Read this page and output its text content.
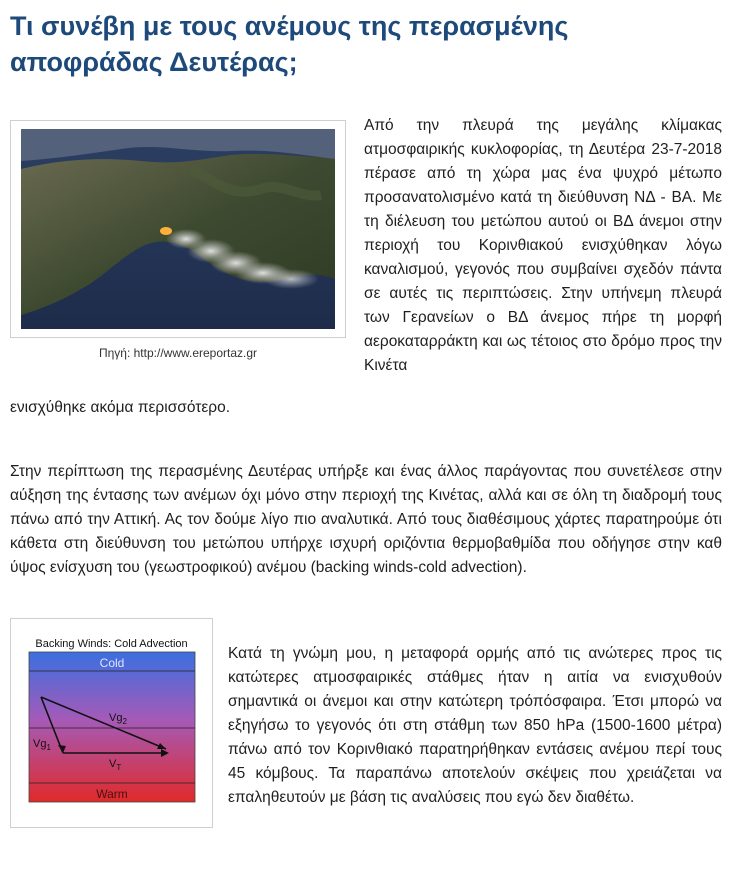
Τι συνέβη με τους ανέμους της περασμένης αποφράδας Δευτέρας;
Πηγή: http://www.ereportaz.gr

Από την πλευρά της μεγάλης κλίμακας ατμοσφαιρικής κυκλοφορίας, τη Δευτέρα 23-7-2018 πέρασε από τη χώρα μας ένα ψυχρό μέτωπο προσανατολισμένο κατά τη διεύθυνση ΝΔ - ΒΑ. Με τη διέλευση του μετώπου αυτού οι ΒΔ άνεμοι στην περιοχή του Κορινθιακού ενισχύθηκαν λόγω καναλισμού, γεγονός που συμβαίνει σχεδόν πάντα σε αυτές τις περιπτώσεις. Στην υπήνεμη πλευρά των Γερανείων ο ΒΔ άνεμος πήρε τη μορφή αεροκαταρράκτη και ως τέτοιος στο δρόμο προς την Κινέτα

ενισχύθηκε ακόμα περισσότερο.

Στην περίπτωση της περασμένης Δευτέρας υπήρξε και ένας άλλος παράγοντας που συνετέλεσε στην αύξηση της έντασης των ανέμων όχι μόνο στην περιοχή της Κινέτας, αλλά και σε όλη τη διαδρομή τους πάνω από την Αττική. Ας τον δούμε λίγο πιο αναλυτικά. Από τους διαθέσιμους χάρτες παρατηρούμε ότι κάθετα στη διεύθυνση του μετώπου υπήρχε ισχυρή οριζόντια θερμοβαθμίδα που οδήγησε στην καθ ύψος ενίσχυση του (γεωστροφικού) ανέμου (backing winds-cold advection).

Backing Winds: Cold Advection
Cold
Warm
$Vg_1$
$Vg_2$
$V_T$

Κατά τη γνώμη μου, η μεταφορά ορμής από τις ανώτερες προς τις κατώτερες ατμοσφαιρικές στάθμες ήταν η αιτία να ενισχυθούν σημαντικά οι άνεμοι και στην κατώτερη τρόπόσφαιρα. Έτσι μπορώ να εξηγήσω το γεγονός ότι στη στάθμη των 850 hPa (1500-1600 μέτρα) πάνω από τον Κορινθιακό παρατηρήθηκαν εντάσεις ανέμου περί τους 45 κόμβους. Τα παραπάνω αποτελούν σκέψεις που χρειάζεται να επαληθευτούν με βάση τις αναλύσεις που εγώ δεν διαθέτω.
